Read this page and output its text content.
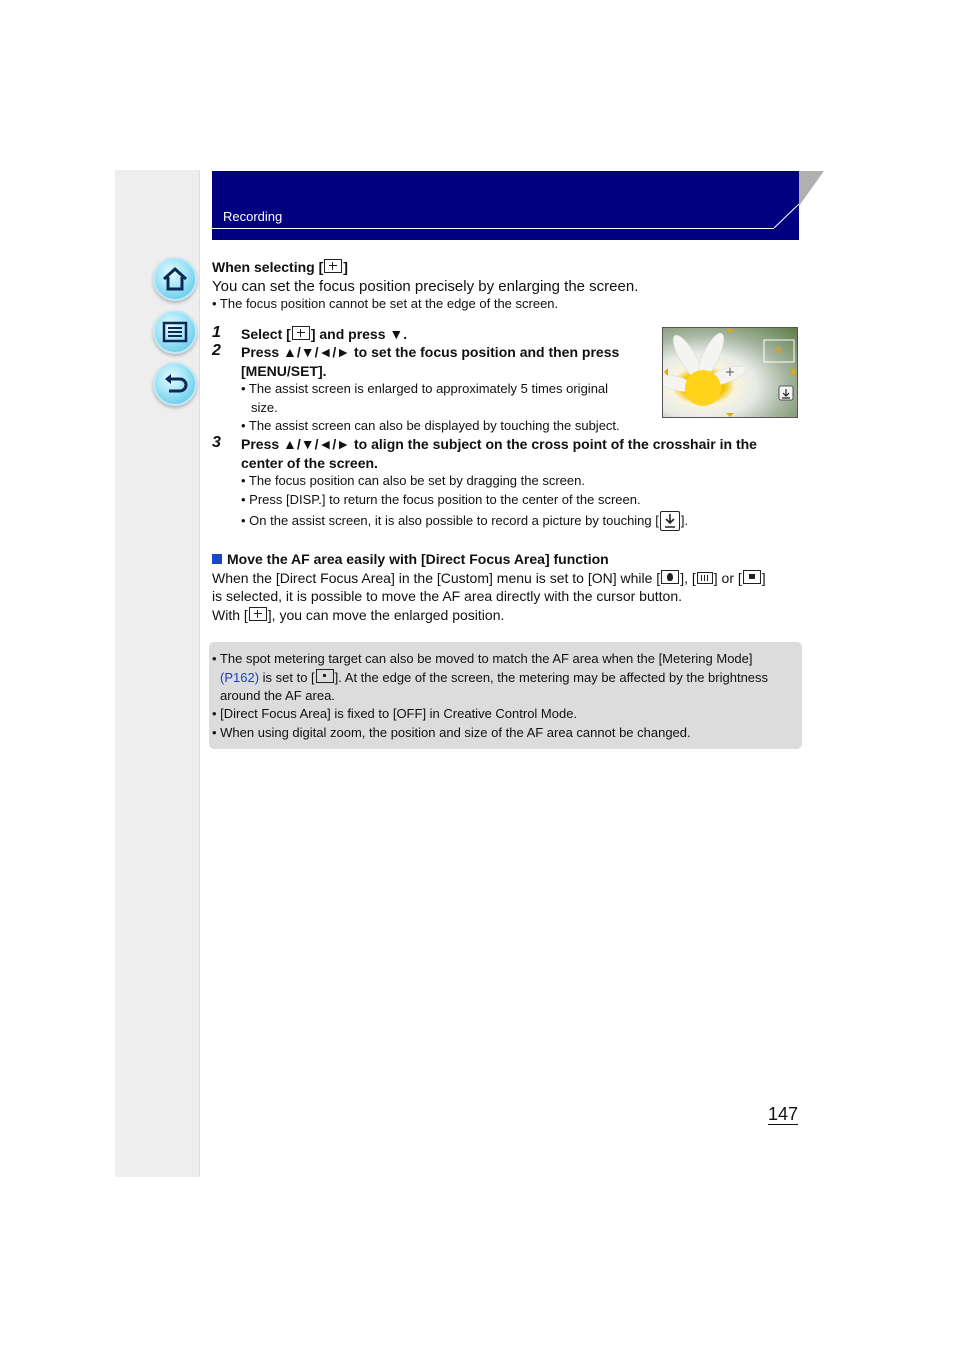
Recording
When selecting [ ]
You can set the focus position precisely by enlarging the screen.
• The focus position cannot be set at the edge of the screen.
1 Select [ ] and press ▼.
2 Press ▲/▼/◄/► to set the focus position and then press
[MENU/SET].
• The assist screen is enlarged to approximately 5 times original
size.
• The assist screen can also be displayed by touching the subject.
3 Press ▲/▼/◄/► to align the subject on the cross point of the crosshair in the
center of the screen.
• The focus position can also be set by dragging the screen.
• Press [DISP.] to return the focus position to the center of the screen.
• On the assist screen, it is also possible to record a picture by touching [ ].
Move the AF area easily with [Direct Focus Area] function
When the [Direct Focus Area] in the [Custom] menu is set to [ON] while [ ], [ ] or [ ]
is selected, it is possible to move the AF area directly with the cursor button.
With [ ], you can move the enlarged position.
• The spot metering target can also be moved to match the AF area when the [Metering Mode]
(P162) is set to [ ]. At the edge of the screen, the metering may be affected by the brightness
around the AF area.
• [Direct Focus Area] is fixed to [OFF] in Creative Control Mode.
• When using digital zoom, the position and size of the AF area cannot be changed.
147
